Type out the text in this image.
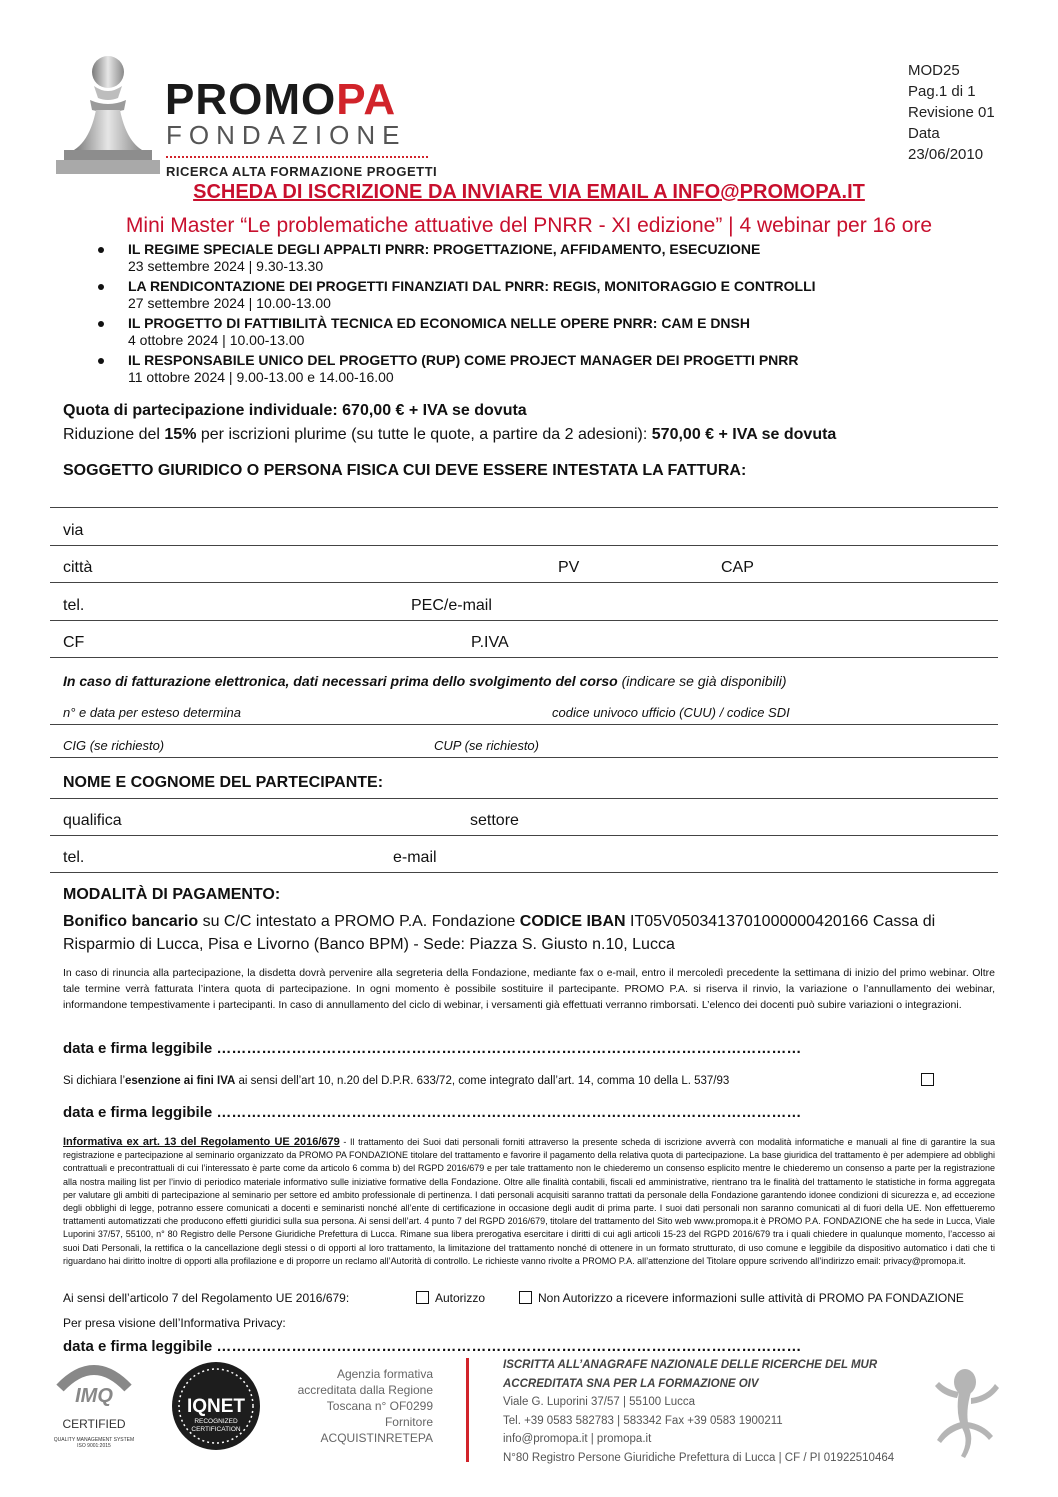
PROMOPA
FONDAZIONE
RICERCA ALTA FORMAZIONE PROGETTI
MOD25
Pag.1 di 1
Revisione 01
Data
23/06/2010
SCHEDA DI ISCRIZIONE DA INVIARE VIA EMAIL A INFO@PROMOPA.IT
Mini Master “Le problematiche attuative del PNRR - XI edizione” | 4 webinar per 16 ore
IL REGIME SPECIALE DEGLI APPALTI PNRR: PROGETTAZIONE, AFFIDAMENTO, ESECUZIONE
23 settembre 2024 | 9.30-13.30
LA RENDICONTAZIONE DEI PROGETTI FINANZIATI DAL PNRR: REGIS, MONITORAGGIO E CONTROLLI
27 settembre 2024 | 10.00-13.00
IL PROGETTO DI FATTIBILITÀ TECNICA ED ECONOMICA NELLE OPERE PNRR: CAM E DNSH
4 ottobre 2024 | 10.00-13.00
IL RESPONSABILE UNICO DEL PROGETTO (RUP) COME PROJECT MANAGER DEI PROGETTI PNRR
11 ottobre 2024 | 9.00-13.00 e 14.00-16.00
Quota di partecipazione individuale: 670,00 € + IVA se dovuta
Riduzione del 15% per iscrizioni plurime (su tutte le quote, a partire da 2 adesioni): 570,00 € + IVA se dovuta
SOGGETTO GIURIDICO O PERSONA FISICA CUI DEVE ESSERE INTESTATA LA FATTURA:
via
città	PV	CAP
tel.	PEC/e-mail
CF	P.IVA
In caso di fatturazione elettronica, dati necessari prima dello svolgimento del corso (indicare se già disponibili)
n° e data per esteso determina	codice univoco ufficio (CUU) / codice SDI
CIG (se richiesto)	CUP (se richiesto)
NOME E COGNOME DEL PARTECIPANTE:
qualifica	settore
tel.	e-mail
MODALITÀ DI PAGAMENTO:
Bonifico bancario su C/C intestato a PROMO P.A. Fondazione CODICE IBAN IT05V0503413701000000420166 Cassa di Risparmio di Lucca, Pisa e Livorno (Banco BPM) - Sede: Piazza S. Giusto n.10, Lucca
In caso di rinuncia alla partecipazione, la disdetta dovrà pervenire alla segreteria della Fondazione, mediante fax o e-mail, entro il mercoledì precedente la settimana di inizio del primo webinar. Oltre tale termine verrà fatturata l’intera quota di partecipazione. In ogni momento è possibile sostituire il partecipante. PROMO P.A. si riserva il rinvio, la variazione o l’annullamento dei webinar, informandone tempestivamente i partecipanti. In caso di annullamento del ciclo di webinar, i versamenti già effettuati verranno rimborsati. L’elenco dei docenti può subire variazioni o integrazioni.
data e firma leggibile ………………………………………………………………………………………………………
Si dichiara l’esenzione ai fini IVA ai sensi dell’art 10, n.20 del D.P.R. 633/72, come integrato dall’art. 14, comma 10 della L. 537/93
data e firma leggibile ………………………………………………………………………………………………………
Informativa ex art. 13 del Regolamento UE 2016/679 - Il trattamento dei Suoi dati personali forniti attraverso la presente scheda di iscrizione avverrà con modalità informatiche e manuali al fine di garantire la sua registrazione e partecipazione al seminario organizzato da PROMO PA FONDAZIONE titolare del trattamento e favorire il pagamento della relativa quota di partecipazione. La base giuridica del trattamento è per adempiere ad obblighi contrattuali e precontrattuali di cui l’interessato è parte come da articolo 6 comma b) del RGPD 2016/679 e per tale trattamento non le chiederemo un consenso esplicito mentre le chiederemo un consenso a parte per la registrazione alla nostra mailing list per l’invio di periodico materiale informativo sulle iniziative formative della Fondazione. Oltre alle finalità contabili, fiscali ed amministrative, rientrano tra le finalità del trattamento le statistiche in forma aggregata per valutare gli ambiti di partecipazione al seminario per settore ed ambito professionale di pertinenza. I dati personali acquisiti saranno trattati da personale della Fondazione garantendo idonee condizioni di sicurezza e, ad eccezione degli obblighi di legge, potranno essere comunicati a docenti e seminaristi nonché all’ente di certificazione in occasione degli audit di prima parte. I suoi dati personali non saranno comunicati al di fuori della UE. Non effettueremo trattamenti automatizzati che producono effetti giuridici sulla sua persona. Ai sensi dell’art. 4 punto 7 del RGPD 2016/679, titolare del trattamento del Sito web www.promopa.it è PROMO P.A. FONDAZIONE che ha sede in Lucca, Viale Luporini 37/57, 55100, n° 80 Registro delle Persone Giuridiche Prefettura di Lucca. Rimane sua libera prerogativa esercitare i diritti di cui agli articoli 15-23 del RGPD 2016/679 tra i quali chiedere in qualunque momento, l’accesso ai suoi Dati Personali, la rettifica o la cancellazione degli stessi o di opporti al loro trattamento, la limitazione del trattamento nonché di ottenere in un formato strutturato, di uso comune e leggibile da dispositivo automatico i dati che ti riguardano hai diritto inoltre di opporti alla profilazione e di proporre un reclamo all’Autorità di controllo. Le richieste vanno rivolte a PROMO P.A. all’attenzione del Titolare oppure scrivendo all’indirizzo email: privacy@promopa.it.
Ai sensi dell’articolo 7 del Regolamento UE 2016/679:	Autorizzo	Non Autorizzo a ricevere informazioni sulle attività di PROMO PA FONDAZIONE
Per presa visione dell’Informativa Privacy:
data e firma leggibile ………………………………………………………………………………………………………
IMQ
CERTIFIED
QUALITY MANAGEMENT SYSTEM
ISO 9001:2015
IQNET
RECOGNIZED
CERTIFICATION
Agenzia formativa
accreditata dalla Regione
Toscana n° OF0299
Fornitore
ACQUISTINRETEPA
ISCRITTA ALL’ANAGRAFE NAZIONALE DELLE RICERCHE DEL MUR
ACCREDITATA SNA PER LA FORMAZIONE OIV
Viale G. Luporini 37/57 | 55100 Lucca
Tel. +39 0583 582783 | 583342 Fax +39 0583 1900211
info@promopa.it | promopa.it
N°80 Registro Persone Giuridiche Prefettura di Lucca | CF / PI 01922510464
